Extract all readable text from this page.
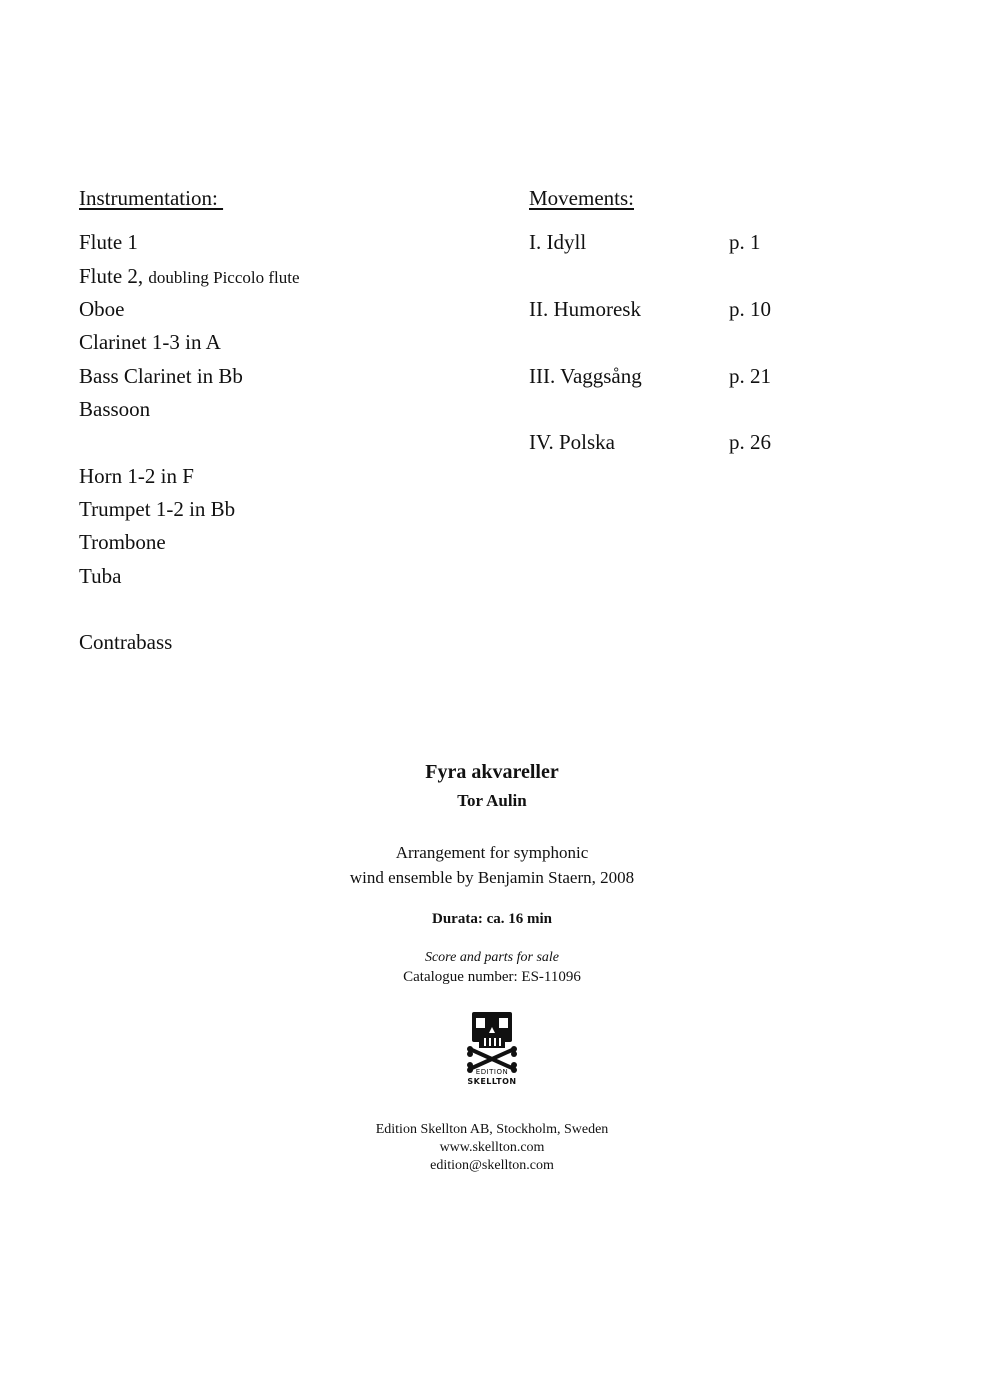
Instrumentation:
Flute 1
Flute 2, doubling Piccolo flute
Oboe
Clarinet 1-3 in A
Bass Clarinet in Bb
Bassoon
Horn 1-2 in F
Trumpet 1-2 in Bb
Trombone
Tuba
Contrabass
Movements:
I. Idyll	p. 1
II. Humoresk	p. 10
III. Vaggsång	p. 21
IV. Polska	p. 26
Fyra akvareller
Tor Aulin
Arrangement for symphonic
wind ensemble by Benjamin Staern, 2008
Durata: ca. 16 min
Score and parts for sale
Catalogue number: ES-11096
EDITION
SKELLTON
Edition Skellton AB, Stockholm, Sweden
www.skellton.com
edition@skellton.com
